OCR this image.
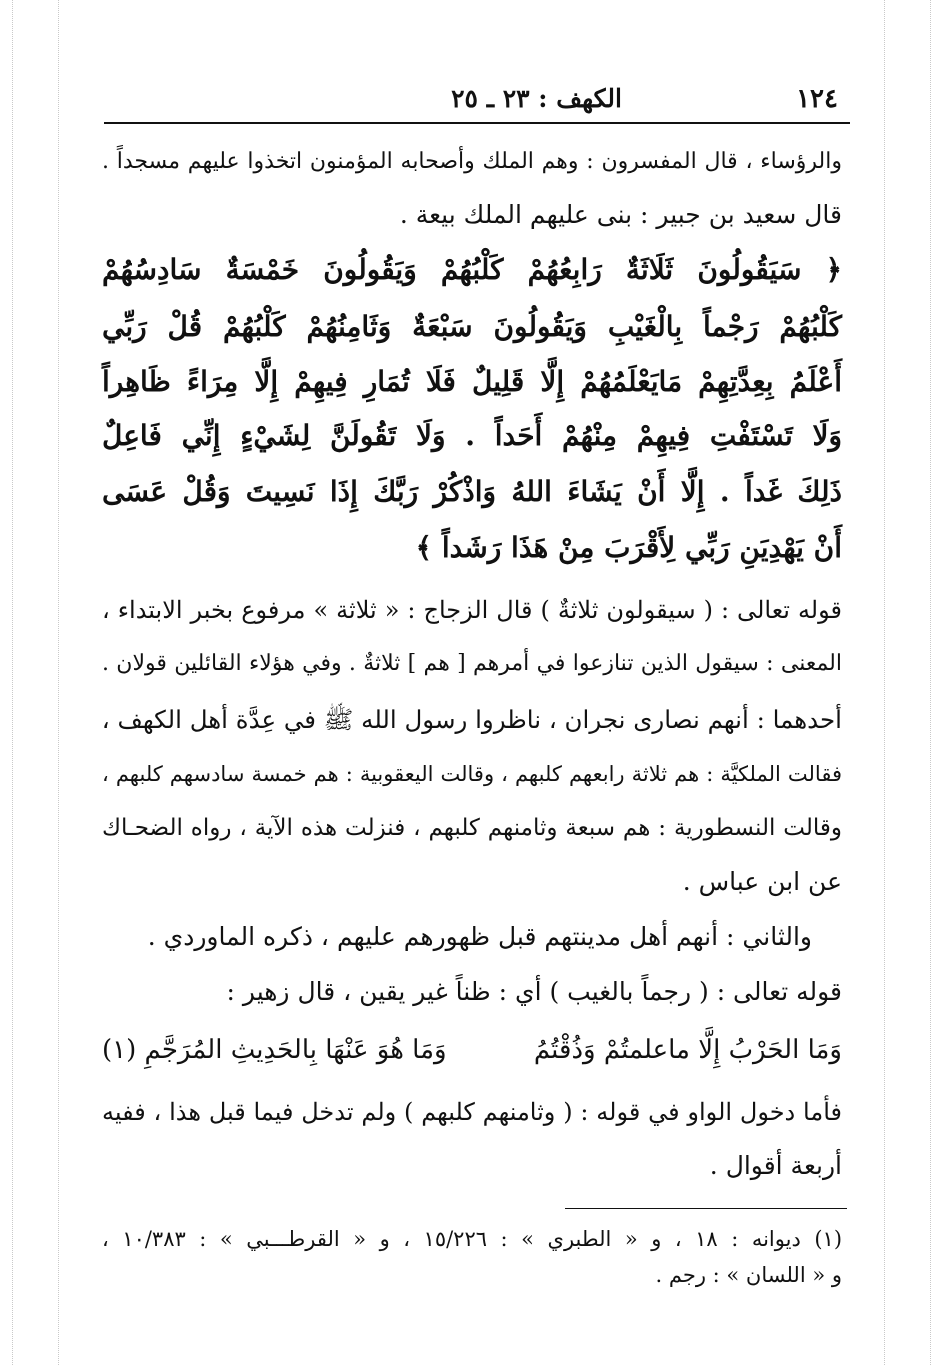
١٢٤
الكهف : ٢٣ ـ ٢٥
والرؤساء ، قال المفسرون : وهم الملك وأصحابه المؤمنون اتخذوا عليهم مسجداً .
قال سعيد بن جبير : بنى عليهم الملك بيعة .
﴿ سَيَقُولُونَ ثَلَاثَةٌ رَابِعُهُمْ كَلْبُهُمْ وَيَقُولُونَ خَمْسَةٌ سَادِسُهُمْ
كَلْبُهُمْ رَجْماً بِالْغَيْبِ وَيَقُولُونَ سَبْعَةٌ وَثَامِنُهُمْ كَلْبُهُمْ قُلْ رَبِّي
أَعْلَمُ بِعِدَّتِهِمْ مَايَعْلَمُهُمْ إِلَّا قَلِيلٌ فَلَا تُمَارِ فِيهِمْ إِلَّا مِرَاءً ظَاهِراً
وَلَا تَسْتَفْتِ فِيهِمْ مِنْهُمْ أَحَداً . وَلَا تَقُولَنَّ لِشَيْءٍ إِنِّي فَاعِلٌ
ذَلِكَ غَداً . إِلَّا أَنْ يَشَاءَ اللهُ وَاذْكُرْ رَبَّكَ إِذَا نَسِيتَ وَقُلْ عَسَى
أَنْ يَهْدِيَنِ رَبِّي لِأَقْرَبَ مِنْ هَذَا رَشَداً ﴾
قوله تعالى : ( سيقولون ثلاثةٌ ) قال الزجاج : « ثلاثة » مرفوع بخبر الابتداء ،
المعنى : سيقول الذين تنازعوا في أمرهم [ هم ] ثلاثةٌ . وفي هؤلاء القائلين قولان .
أحدهما : أنهم نصارى نجران ، ناظروا رسول الله ﷺ في عِدَّة أهل الكهف ،
فقالت الملكيَّة : هم ثلاثة رابعهم كلبهم ، وقالت اليعقوبية : هم خمسة سادسهم كلبهم ،
وقالت النسطورية : هم سبعة وثامنهم كلبهم ، فنزلت هذه الآية ، رواه الضحـاك
عن ابن عباس .
والثاني : أنهم أهل مدينتهم قبل ظهورهم عليهم ، ذكره الماوردي .
قوله تعالى : ( رجماً بالغيب ) أي : ظناً غير يقين ، قال زهير :
وَمَا الحَرْبُ إِلَّا ماعلمتُمْ وَذُقْتُمُ
وَمَا هُوَ عَنْهَا بِالحَدِيثِ المُرَجَّمِ (١)
فأما دخول الواو في قوله : ( وثامنهم كلبهم ) ولم تدخل فيما قبل هذا ، ففيه
أربعة أقوال .
(١) ديوانه : ١٨ ، و « الطبري » : ١٥/٢٢٦ ، و « القرطـــبي » : ١٠/٣٨٣ ،
و « اللسان » : رجم .
